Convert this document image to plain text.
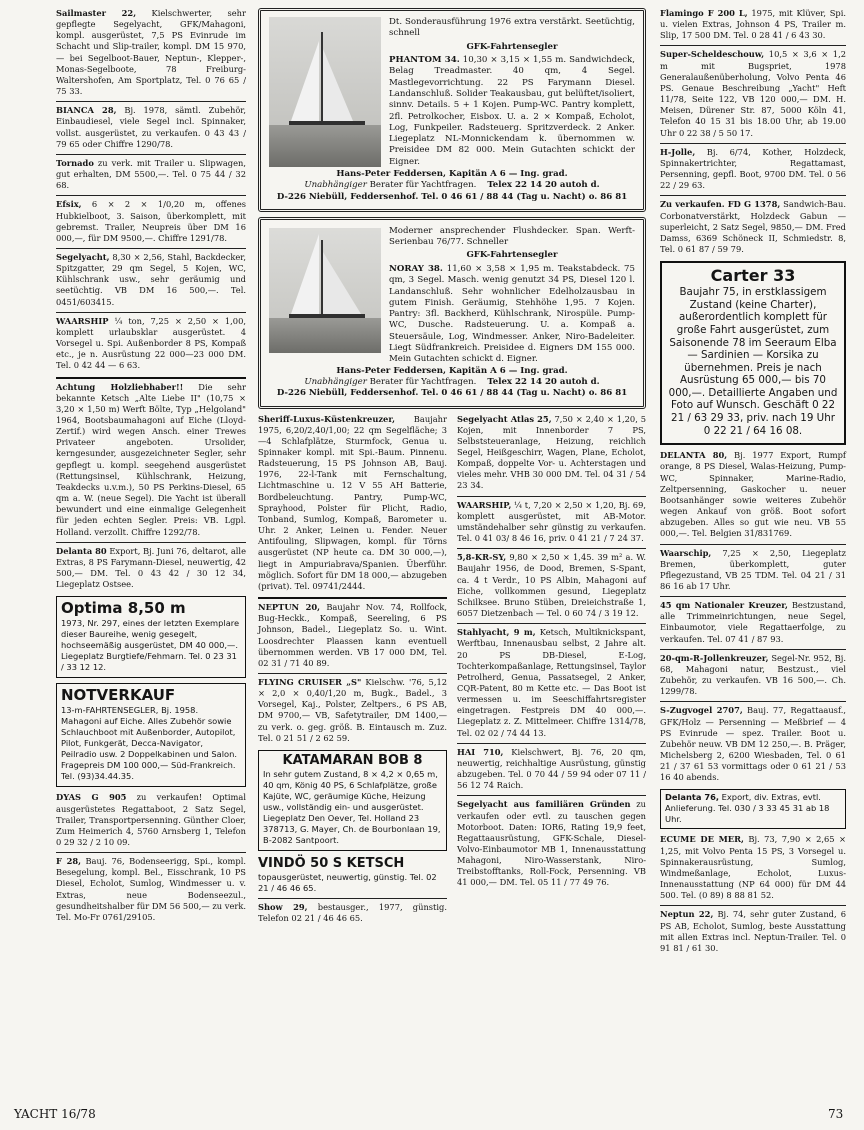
Sailmaster 22, Kielschwerter, sehr gepflegte Segelyacht, GFK/Mahagoni, kompl. ausgerüstet, 7,5 PS Evinrude im Schacht und Slip-trailer, kompl. DM 15 970,— bei Segelboot-Bauer, Neptun-, Klepper-, Monas-Segelboote, 78 Freiburg-Waltershofen, Am Sportplatz, Tel. 0 76 65 / 75 33.

BIANCA 28, Bj. 1978, sämtl. Zubehör, Einbaudiesel, viele Segel incl. Spinnaker, vollst. ausgerüstet, zu verkaufen. 0 43 43 / 79 65 oder Chiffre 1290/78.

Tornado zu verk. mit Trailer u. Slipwagen, gut erhalten, DM 5500,—. Tel. 0 75 44 / 32 68.

Efsix, 6 × 2 × 1/0,20 m, offenes Hubkielboot, 3. Saison, überkomplett, mit gebremst. Trailer, Neupreis über DM 16 000,—, für DM 9500,—. Chiffre 1291/78.

Segelyacht, 8,30 × 2,56, Stahl, Backdecker, Spitzgatter, 29 qm Segel, 5 Kojen, WC, Kühlschrank usw., sehr geräumig und seetüchtig. VB DM 16 500,—. Tel. 0451/603415.

WAARSHIP ¼ ton, 7,25 × 2,50 × 1,00, komplett urlaubsklar ausgerüstet. 4 Vorsegel u. Spi. Außenborder 8 PS, Kompaß etc., je n. Ausrüstung 22 000—23 000 DM. Tel. 0 42 44 — 6 63.

Achtung Holzliebhaber!! Die sehr bekannte Ketsch „Alte Liebe II" (10,75 × 3,20 × 1,50 m) Werft Bölte, Typ „Helgoland" 1964, Bootsbaumahagoni auf Eiche (Lloyd-Zertif.) wird wegen Ansch. einer Trewes Privateer angeboten. Ursolider, kerngesunder, ausgezeichneter Segler, sehr gepflegt u. kompl. seegehend ausgerüstet (Rettungsinsel, Kühlschrank, Heizung, Teakdecks u.v.m.), 50 PS Perkins-Diesel, 65 qm a. W. (neue Segel). Die Yacht ist überall bewundert und eine einmalige Gelegenheit für jeden echten Segler. Preis: VB. Lgpl. Holland. verzollt. Chiffre 1292/78.

Delanta 80 Export, Bj. Juni 76, deltarot, alle Extras, 8 PS Farymann-Diesel, neuwertig, 42 500,— DM. Tel. 0 43 42 / 30 12 34, Liegeplatz Ostsee.

Optima 8,50 m
1973, Nr. 297, eines der letzten Exemplare dieser Baureihe, wenig gesegelt, hochseemäßig ausgerüstet, DM 40 000,—. Liegeplatz Burgtiefe/Fehmarn. Tel. 0 23 31 / 33 12 12.
NOTVERKAUF
13-m-FAHRTENSEGLER, Bj. 1958. Mahagoni auf Eiche. Alles Zubehör sowie Schlauchboot mit Außenborder, Autopilot, Pilot, Funkgerät, Decca-Navigator, Peilradio usw. 2 Doppelkabinen und Salon. Fragepreis DM 100 000,— Süd-Frankreich. Tel. (93)34.44.35.

DYAS G 905 zu verkaufen! Optimal ausgerüstetes Regattaboot, 2 Satz Segel, Trailer, Transportpersenning. Günther Cloer, Zum Heimerich 4, 5760 Arnsberg 1, Telefon 0 29 32 / 2 10 09.

F 28, Bauj. 76, Bodenseerigg, Spi., kompl. Besegelung, kompl. Bel., Eisschrank, 10 PS Diesel, Echolot, Sumlog, Windmesser u. v. Extras, neue Bodenseezul., gesundheitshalber für DM 56 500,— zu verk. Tel. Mo-Fr 0761/29105.

Dt. Sonderausführung 1976 extra verstärkt. Seetüchtig, schnell
GFK-Fahrtensegler
PHANTOM 34. 10,30 × 3,15 × 1,55 m. Sandwichdeck, Belag Treadmaster. 40 qm, 4 Segel. Mastlegevorrichtung. 22 PS Farymann Diesel. Landanschluß. Solider Teakausbau, gut belüftet/isoliert, sinnv. Details. 5 + 1 Kojen. Pump-WC. Pantry komplett, 2fl. Petrolkocher, Eisbox. U. a. 2 × Kompaß, Echolot, Log, Funkpeiler. Radsteuerg. Spritzverdeck. 2 Anker. Liegeplatz NL-Monnickendam k. übernommen w. Preisidee DM 82 000. Mein Gutachten schickt der Eigner.
Hans-Peter Feddersen, Kapitän A 6 — Ing. grad.
Unabhängiger Berater für Yachtfragen. Telex 22 14 20 autoh d.
D-226 Niebüll, Feddersenhof. Tel. 0 46 61 / 88 44 (Tag u. Nacht) o. 86 81
Moderner ansprechender Flushdecker. Span. Werft-Serienbau 76/77. Schneller
GFK-Fahrtensegler
NORAY 38. 11,60 × 3,58 × 1,95 m. Teakstabdeck. 75 qm, 3 Segel. Masch. wenig genutzt 34 PS, Diesel 120 l. Landanschluß. Sehr wohnlicher Edelholzausbau in gutem Finish. Geräumig, Stehhöhe 1,95. 7 Kojen. Pantry: 3fl. Backherd, Kühlschrank, Nirospüle. Pump-WC, Dusche. Radsteuerung. U. a. Kompaß a. Steuersäule, Log, Windmesser. Anker, Niro-Badeleiter. Liegt Südfrankreich. Preisidee d. Eigners DM 155 000. Mein Gutachten schickt d. Eigner.
Hans-Peter Feddersen, Kapitän A 6 — Ing. grad.
Unabhängiger Berater für Yachtfragen. Telex 22 14 20 autoh d.
D-226 Niebüll, Feddersenhof. Tel. 0 46 61 / 88 44 (Tag u. Nacht) o. 86 81

Sheriff-Luxus-Küstenkreuzer, Baujahr 1975, 6,20/2,40/1,00; 22 qm Segelfläche; 3—4 Schlafplätze, Sturmfock, Genua u. Spinnaker kompl. mit Spi.-Baum. Pinnenu. Radsteuerung, 15 PS Johnson AB, Bauj. 1976, 22-l-Tank mit Fernschaltung, Lichtmaschine u. 12 V 55 AH Batterie, Bordbeleuchtung. Pantry, Pump-WC, Sprayhood, Polster für Plicht, Radio, Tonband, Sumlog, Kompaß, Barometer u. Uhr. 2 Anker, Leinen u. Fender. Neuer Antifouling, Slipwagen, kompl. für Törns ausgerüstet (NP heute ca. DM 30 000,—), liegt in Ampuriabrava/Spanien. Überführ. möglich. Sofort für DM 18 000,— abzugeben (privat). Tel. 09741/2444.

NEPTUN 20, Baujahr Nov. 74, Rollfock, Bug-Heckk., Kompaß, Seereling, 6 PS Johnson, Badel., Liegeplatz So. u. Wint. Loosdrechter Plaassen kann eventuell übernommen werden. VB 17 000 DM, Tel. 02 31 / 71 40 89.

FLYING CRUISER „S" Kielschw. '76, 5,12 × 2,0 × 0,40/1,20 m, Bugk., Badel., 3 Vorsegel, Kaj., Polster, Zeltpers., 6 PS AB, DM 9700,— VB, Safetytrailer, DM 1400,— zu verk. o. geg. größ. B. Eintausch m. Zuz. Tel. 0 21 51 / 2 62 59.

KATAMARAN BOB 8
In sehr gutem Zustand, 8 × 4,2 × 0,65 m, 40 qm, König 40 PS, 6 Schlafplätze, große Kajüte, WC, geräumige Küche, Heizung usw., vollständig ein- und ausgerüstet. Liegeplatz Den Oever, Tel. Holland 23 378713, G. Mayer, Ch. de Bourbonlaan 19, B-2082 Santpoort.
VINDÖ 50 S KETSCH
topausgerüstet, neuwertig, günstig. Tel. 02 21 / 46 46 65.

Show 29, bestausger., 1977, günstig. Telefon 02 21 / 46 46 65.

Segelyacht Atlas 25, 7,50 × 2,40 × 1,20, 5 Kojen, mit Innenborder 7 PS, Selbststeueranlage, Heizung, reichlich Segel, Heißgeschirr, Wagen, Plane, Echolot, Kompaß, doppelte Vor- u. Achterstagen und vieles mehr. VHB 30 000 DM. Tel. 04 31 / 54 23 34.

WAARSHIP, ¼ t, 7,20 × 2,50 × 1,20, Bj. 69, komplett ausgerüstet, mit AB-Motor. umständehalber sehr günstig zu verkaufen. Tel. 0 41 03/ 8 46 16, priv. 0 41 21 / 7 24 37.

5,8-KR-SY, 9,80 × 2,50 × 1,45. 39 m² a. W. Baujahr 1956, de Dood, Bremen, S-Spant, ca. 4 t Verdr., 10 PS Albin, Mahagoni auf Eiche, vollkommen gesund, Liegeplatz Schilksee. Bruno Stüben, Dreieichstraße 1, 6057 Dietzenbach — Tel. 0 60 74 / 3 19 12.

Stahlyacht, 9 m, Ketsch, Multiknickspant, Werftbau, Innenausbau selbst, 2 Jahre alt. 20 PS DB-Diesel, E-Log, Tochterkompaßanlage, Rettungsinsel, Taylor Petrolherd, Genua, Passatsegel, 2 Anker, CQR-Patent, 80 m Kette etc. — Das Boot ist vermessen u. im Seeschiffahrtsregister eingetragen. Festpreis DM 40 000,—. Liegeplatz z. Z. Mittelmeer. Chiffre 1314/78, Tel. 02 02 / 74 44 13.

HAI 710, Kielschwert, Bj. 76, 20 qm, neuwertig, reichhaltige Ausrüstung, günstig abzugeben. Tel. 0 70 44 / 59 94 oder 07 11 / 56 12 74 Raich.

Segelyacht aus familiären Gründen zu verkaufen oder evtl. zu tauschen gegen Motorboot. Daten: IOR6, Rating 19,9 feet, Regattaausrüstung, GFK-Schale, Diesel-Volvo-Einbaumotor MB 1, Innenausstattung Mahagoni, Niro-Wasserstank, Niro-Treibstofftanks, Roll-Fock, Persenning. VB 41 000,— DM. Tel. 05 11 / 77 49 76.

Flamingo F 200 L, 1975, mit Klüver, Spi. u. vielen Extras, Johnson 4 PS, Trailer m. Slip, 17 500 DM. Tel. 0 28 41 / 6 43 30.

Super-Scheldeschouw, 10,5 × 3,6 × 1,2 m mit Bugspriet, 1978 Generalaußenüberholung, Volvo Penta 46 PS. Genaue Beschreibung „Yacht" Heft 11/78, Seite 122, VB 120 000,— DM. H. Meisen, Dürener Str. 87, 5000 Köln 41, Telefon 40 15 31 bis 18.00 Uhr, ab 19.00 Uhr 0 22 38 / 5 50 17.

H-Jolle, Bj. 6/74, Kother, Holzdeck, Spinnakertrichter, Regattamast, Persenning, gepfl. Boot, 9700 DM. Tel. 0 56 22 / 29 63.

Zu verkaufen. FD G 1378, Sandwich-Bau. Corbonatverstärkt, Holzdeck Gabun — superleicht, 2 Satz Segel, 9850,— DM. Fred Damss, 6369 Schöneck II, Schmiedstr. 8, Tel. 0 61 87 / 59 79.

Carter 33
Baujahr 75, in erstklassigem Zustand (keine Charter), außerordentlich komplett für große Fahrt ausgerüstet, zum Saisonende 78 im Seeraum Elba — Sardinien — Korsika zu übernehmen. Preis je nach Ausrüstung 65 000,— bis 70 000,—. Detaillierte Angaben und Foto auf Wunsch. Geschäft 0 22 21 / 63 29 33, priv. nach 19 Uhr 0 22 21 / 64 16 08.

DELANTA 80, Bj. 1977 Export, Rumpf orange, 8 PS Diesel, Walas-Heizung, Pump-WC, Spinnaker, Marine-Radio, Zeltpersenning, Gaskocher u. neuer Bootsanhänger sowie weiteres Zubehör wegen Ankauf von größ. Boot sofort abzugeben. Alles so gut wie neu. VB 55 000,—. Tel. Belgien 31/831769.

Waarschip, 7,25 × 2,50, Liegeplatz Bremen, überkomplett, guter Pflegezustand, VB 25 TDM. Tel. 04 21 / 31 86 16 ab 17 Uhr.

45 qm Nationaler Kreuzer, Bestzustand, alle Trimmeinrichtungen, neue Segel, Einbaumotor, viele Regattaerfolge, zu verkaufen. Tel. 07 41 / 87 93.

20-qm-R-Jollenkreuzer, Segel-Nr. 952, Bj. 68, Mahagoni natur, Bestzust., viel Zubehör, zu verkaufen. VB 16 500,—. Ch. 1299/78.

S-Zugvogel 2707, Bauj. 77, Regattaausf., GFK/Holz — Persenning — Meßbrief — 4 PS Evinrude — spez. Trailer. Boot u. Zubehör neuw. VB DM 12 250,—. B. Präger, Michelsberg 2, 6200 Wiesbaden, Tel. 0 61 21 / 37 61 53 vormittags oder 0 61 21 / 53 16 40 abends.

Delanta 76, Export, div. Extras, evtl. Anlieferung. Tel. 030 / 3 33 45 31 ab 18 Uhr.

ECUME DE MER, Bj. 73, 7,90 × 2,65 × 1,25, mit Volvo Penta 15 PS, 3 Vorsegel u. Spinnakerausrüstung, Sumlog, Windmeßanlage, Echolot, Luxus-Innenausstattung (NP 64 000) für DM 44 500. Tel. (0 89) 8 88 81 52.

Neptun 22, Bj. 74, sehr guter Zustand, 6 PS AB, Echolot, Sumlog, beste Ausstattung mit allen Extras incl. Neptun-Trailer. Tel. 0 91 81 / 61 30.

YACHT 16/78	73
